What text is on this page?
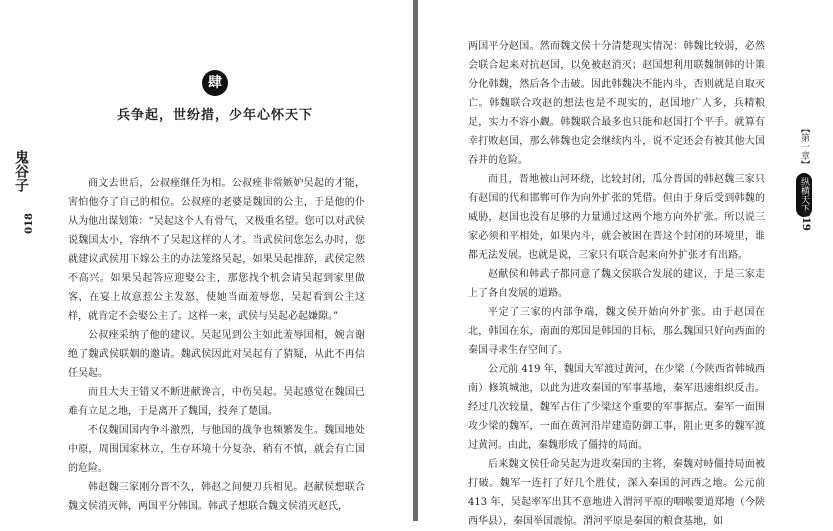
肆
兵争起，世纷措，少年心怀天下
鬼谷子
018

商文去世后，公叔痤继任为相。公叔痤非常嫉妒吴起的才能，害怕他夺了自己的相位。公叔痤的老婆是魏国的公主，于是他的仆从为他出谋划策：“吴起这个人有骨气，又极重名望。您可以对武侯说魏国太小，容纳不了吴起这样的人才。当武侯问您怎么办时，您就建议武侯用下嫁公主的办法笼络吴起，如果吴起推辞，武侯定然不高兴。如果吴起答应迎娶公主，那您找个机会请吴起到家里做客，在宴上故意惹公主发怒，使她当面羞辱您，吴起看到公主这样，就肯定不会娶公主了。这样一来，武侯与吴起必起嫌隙。”

公叔痤采纳了他的建议。吴起见到公主如此羞辱国相，婉言谢绝了魏武侯联姻的邀请。魏武侯因此对吴起有了猜疑，从此不再信任吴起。

而且大夫王错又不断进献谗言，中伤吴起。吴起感觉在魏国已难有立足之地，于是离开了魏国，投奔了楚国。

不仅魏国国内争斗激烈，与他国的战争也频繁发生。魏国地处中原，周围国家林立，生存环境十分复杂，稍有不慎，就会有亡国的危险。

韩赵魏三家刚分晋不久，韩赵之间便刀兵相见。赵献侯想联合魏文侯消灭韩，两国平分韩国。韩武子想联合魏文侯消灭赵氏，

两国平分赵国。然而魏文侯十分清楚现实情况：韩魏比较弱，必然会联合起来对抗赵国，以免被赵消灭；赵国想利用联魏制韩的计策分化韩魏，然后各个击破。因此韩魏决不能内斗，否则就是自取灭亡。韩魏联合攻赵的想法也是不现实的，赵国地广人多，兵精粮足，实力不容小觑。韩魏联合最多也只能和赵国打个平手。就算有幸打败赵国，那么韩魏也定会继续内斗，说不定还会有被其他大国吞并的危险。

而且，晋地被山河环绕，比较封闭，瓜分晋国的韩赵魏三家只有赵国的代和邯郸可作为向外扩张的凭借。但由于身后受到韩魏的威胁，赵国也没有足够的力量通过这两个地方向外扩张。所以说三家必须和平相处，如果内斗，就会被困在晋这个封闭的环境里，谁都无法发展。也就是说，三家只有联合起来向外扩张才有出路。

赵献侯和韩武子都同意了魏文侯联合发展的建议，于是三家走上了各自发展的道路。

平定了三家的内部争端，魏文侯开始向外扩张。由于赵国在北，韩国在东，南面的郑国是韩国的目标，那么魏国只好向西面的秦国寻求生存空间了。

公元前 419 年，魏国大军渡过黄河，在少梁（今陕西省韩城西南）修筑城池，以此为进攻秦国的军事基地，秦军迅速组织反击。经过几次较量，魏军占住了少梁这个重要的军事据点。秦军一面围攻少梁的魏军，一面在黄河沿岸建造防御工事，阻止更多的魏军渡过黄河。由此，秦魏形成了僵持的局面。

后来魏文侯任命吴起为进攻秦国的主将，秦魏对峙僵持局面被打破。魏军一连打了好几个胜仗，深入秦国的河西之地。公元前 413 年，吴起率军出其不意地进入渭河平原的咽喉要道郑地（今陕西华县），秦国举国震惊。渭河平原是秦国的粮食基地，如

【第一章】
纵横天下
019
